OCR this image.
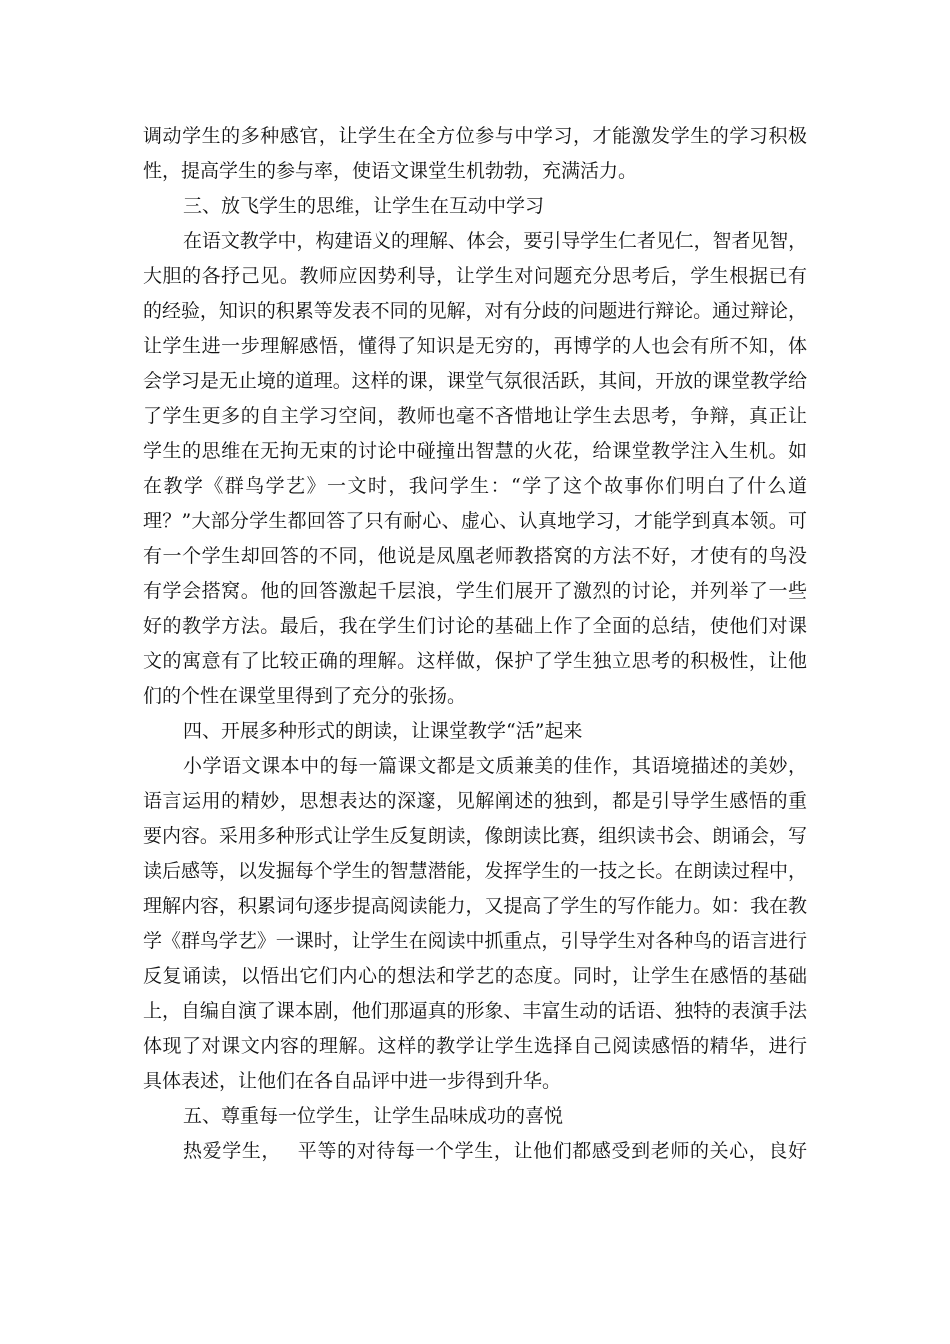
调动学生的多种感官，让学生在全方位参与中学习，才能激发学生的学习积极
性，提高学生的参与率，使语文课堂生机勃勃，充满活力。
三、放飞学生的思维，让学生在互动中学习
在语文教学中，构建语义的理解、体会，要引导学生仁者见仁，智者见智，
大胆的各抒己见。教师应因势利导，让学生对问题充分思考后，学生根据已有
的经验，知识的积累等发表不同的见解，对有分歧的问题进行辩论。通过辩论，
让学生进一步理解感悟，懂得了知识是无穷的，再博学的人也会有所不知，体
会学习是无止境的道理。这样的课，课堂气氛很活跃，其间，开放的课堂教学给
了学生更多的自主学习空间，教师也毫不吝惜地让学生去思考，争辩，真正让
学生的思维在无拘无束的讨论中碰撞出智慧的火花，给课堂教学注入生机。如
在教学《群鸟学艺》一文时，我问学生：“学了这个故事你们明白了什么道
理？”大部分学生都回答了只有耐心、虚心、认真地学习，才能学到真本领。可
有一个学生却回答的不同，他说是凤凰老师教搭窝的方法不好，才使有的鸟没
有学会搭窝。他的回答激起千层浪，学生们展开了激烈的讨论，并列举了一些
好的教学方法。最后，我在学生们讨论的基础上作了全面的总结，使他们对课
文的寓意有了比较正确的理解。这样做，保护了学生独立思考的积极性，让他
们的个性在课堂里得到了充分的张扬。
四、开展多种形式的朗读，让课堂教学“活”起来
小学语文课本中的每一篇课文都是文质兼美的佳作，其语境描述的美妙，
语言运用的精妙，思想表达的深邃，见解阐述的独到，都是引导学生感悟的重
要内容。采用多种形式让学生反复朗读，像朗读比赛，组织读书会、朗诵会，写
读后感等，以发掘每个学生的智慧潜能，发挥学生的一技之长。在朗读过程中，
理解内容，积累词句逐步提高阅读能力，又提高了学生的写作能力。如：我在教
学《群鸟学艺》一课时，让学生在阅读中抓重点，引导学生对各种鸟的语言进行
反复诵读，以悟出它们内心的想法和学艺的态度。同时，让学生在感悟的基础
上，自编自演了课本剧，他们那逼真的形象、丰富生动的话语、独特的表演手法
体现了对课文内容的理解。这样的教学让学生选择自己阅读感悟的精华，进行
具体表述，让他们在各自品评中进一步得到升华。
五、尊重每一位学生，让学生品味成功的喜悦
热爱学生，　 平等的对待每一个学生，让他们都感受到老师的关心，良好
